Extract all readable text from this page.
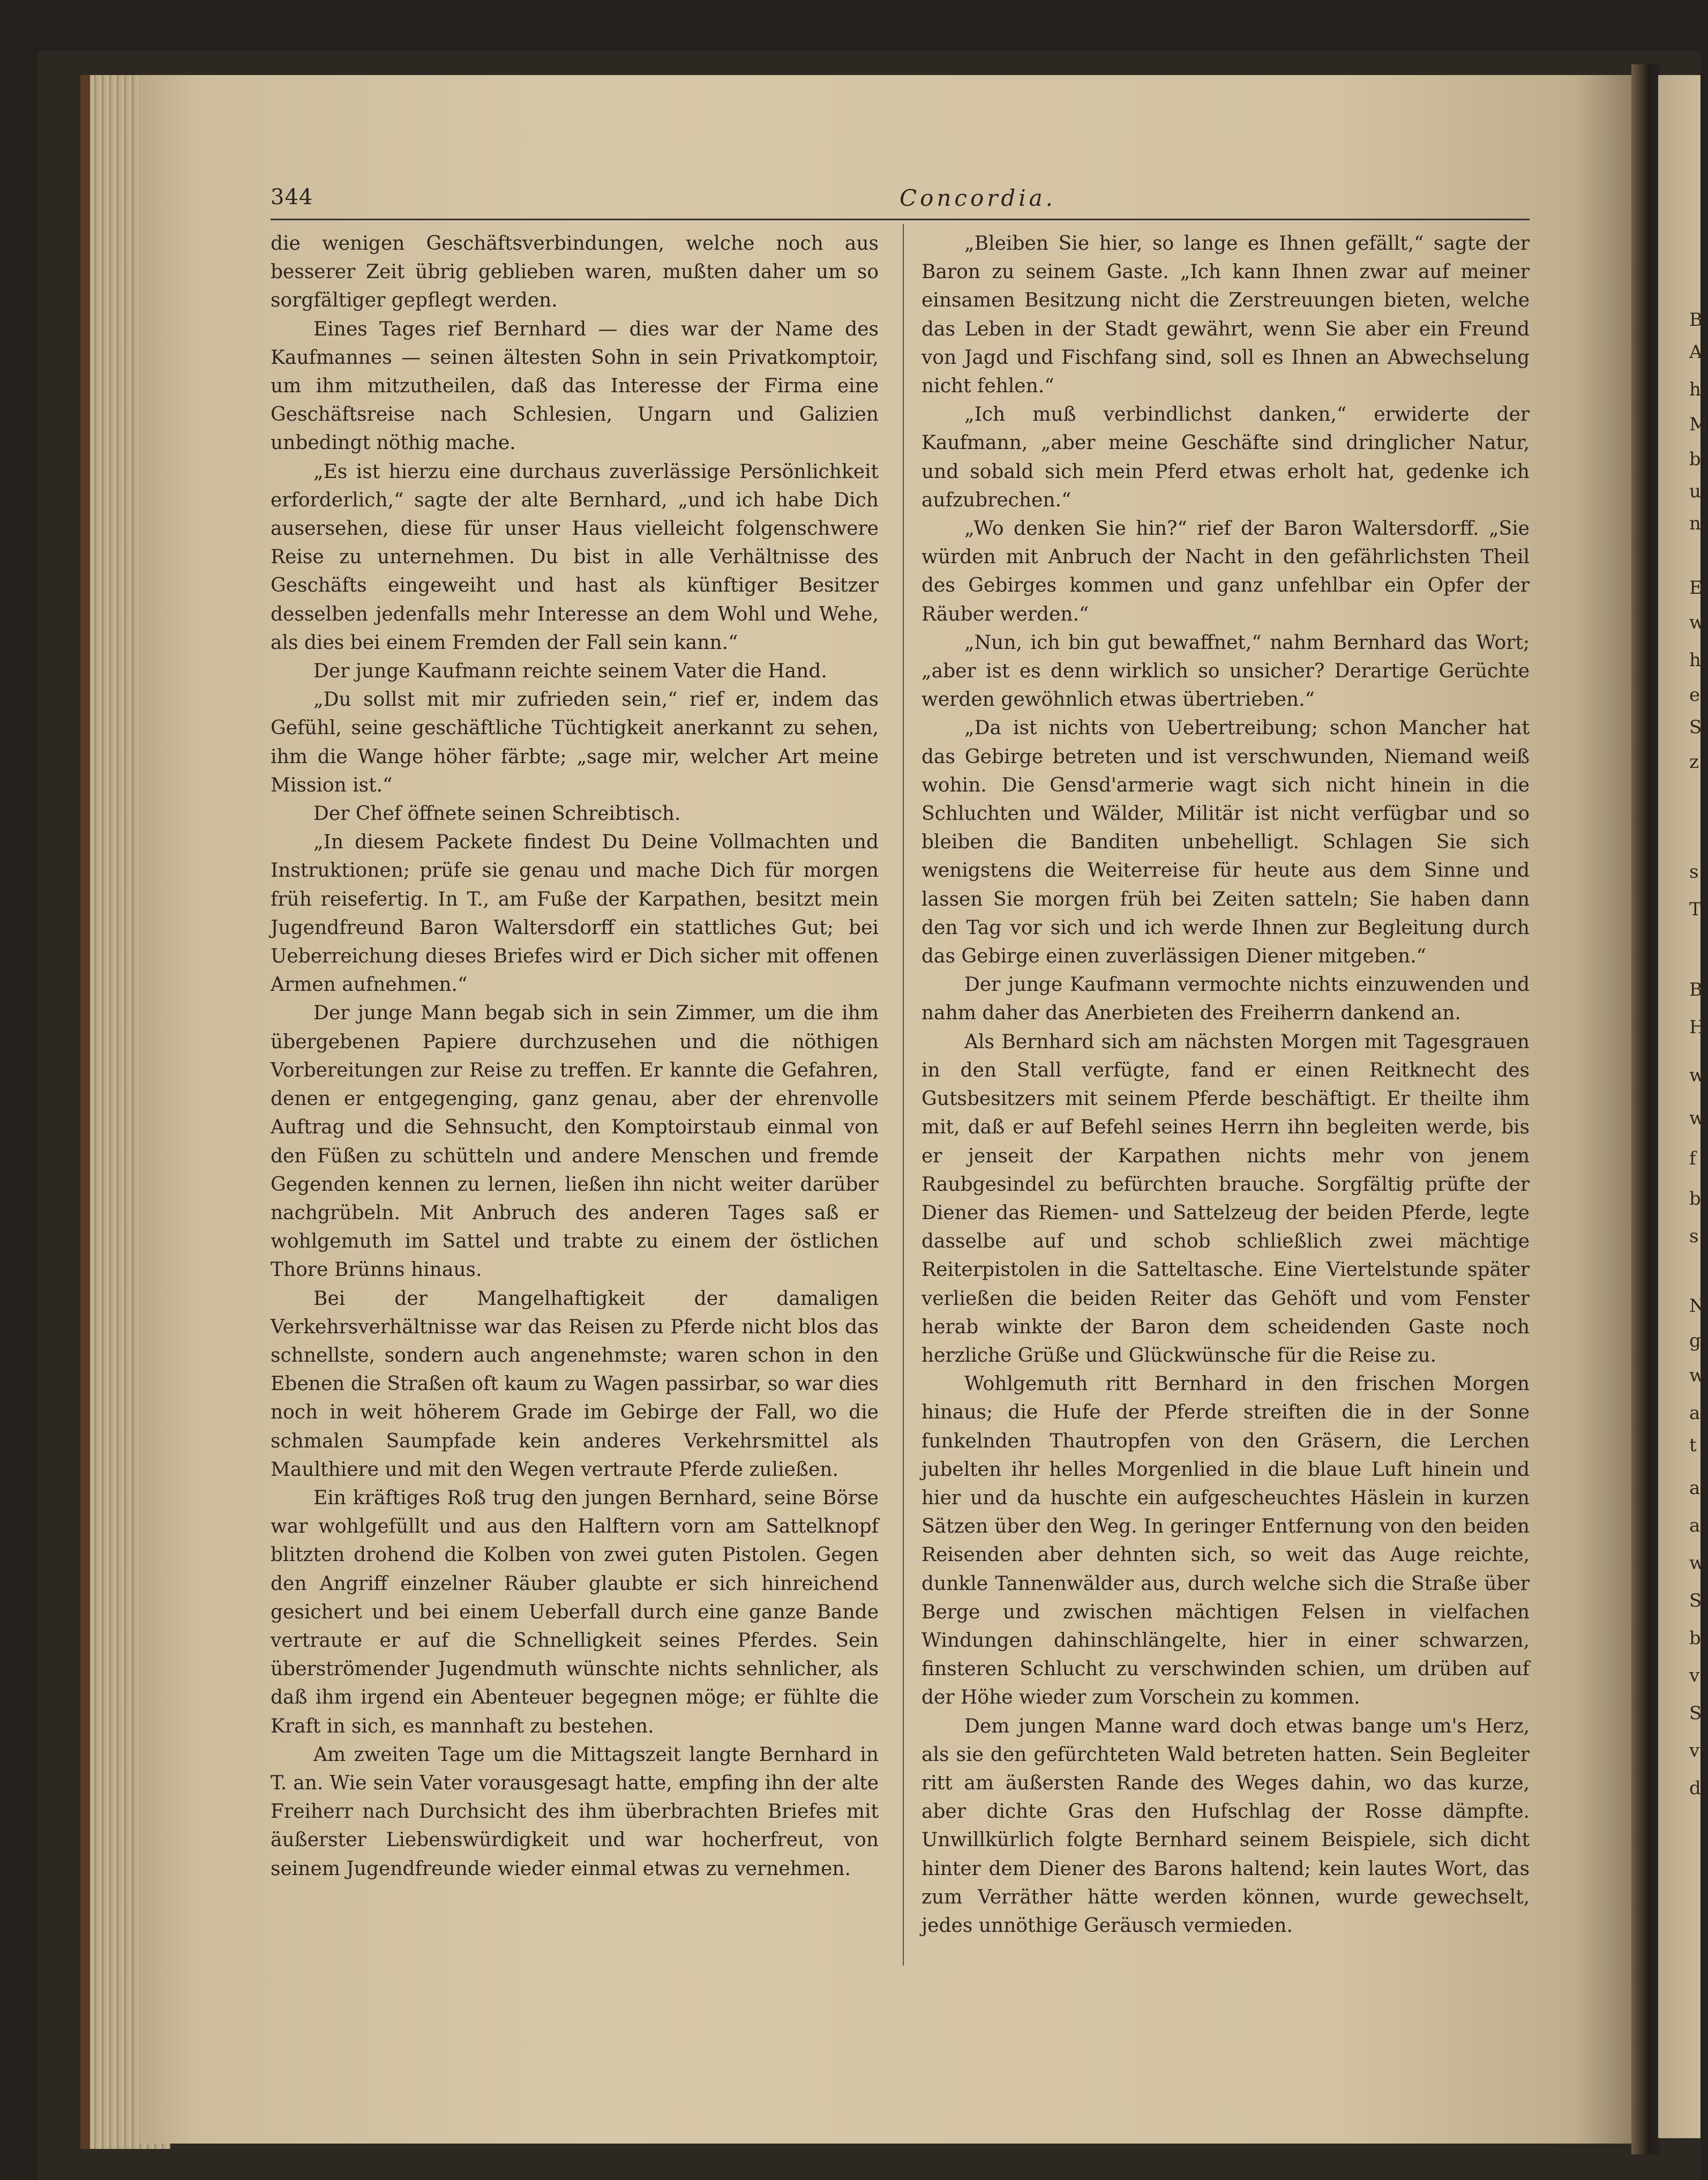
B
A
h
M
b
u
n
E
w
h
e
S
z
s
T
B
H
w
w
f
b
s
N
g
w
a
t
a
a
w
S
b
v
S
v
d
344	Concordia.

die wenigen Geschäftsverbindungen, welche noch aus besserer Zeit übrig geblieben waren, mußten daher um so sorgfältiger gepflegt werden.

Eines Tages rief Bernhard — dies war der Name des Kaufmannes — seinen ältesten Sohn in sein Privatkomptoir, um ihm mitzutheilen, daß das Interesse der Firma eine Geschäftsreise nach Schlesien, Ungarn und Galizien unbedingt nöthig mache.

„Es ist hierzu eine durchaus zuverlässige Persönlichkeit erforderlich,“ sagte der alte Bernhard, „und ich habe Dich ausersehen, diese für unser Haus vielleicht folgenschwere Reise zu unternehmen. Du bist in alle Verhältnisse des Geschäfts eingeweiht und hast als künftiger Besitzer desselben jedenfalls mehr Interesse an dem Wohl und Wehe, als dies bei einem Fremden der Fall sein kann.“

Der junge Kaufmann reichte seinem Vater die Hand.

„Du sollst mit mir zufrieden sein,“ rief er, indem das Gefühl, seine geschäftliche Tüchtigkeit anerkannt zu sehen, ihm die Wange höher färbte; „sage mir, welcher Art meine Mission ist.“

Der Chef öffnete seinen Schreibtisch.

„In diesem Packete findest Du Deine Vollmachten und Instruktionen; prüfe sie genau und mache Dich für morgen früh reisefertig. In T., am Fuße der Karpathen, besitzt mein Jugendfreund Baron Waltersdorff ein stattliches Gut; bei Ueberreichung dieses Briefes wird er Dich sicher mit offenen Armen aufnehmen.“

Der junge Mann begab sich in sein Zimmer, um die ihm übergebenen Papiere durchzusehen und die nöthigen Vorbereitungen zur Reise zu treffen. Er kannte die Gefahren, denen er entgegenging, ganz genau, aber der ehrenvolle Auftrag und die Sehnsucht, den Komptoirstaub einmal von den Füßen zu schütteln und andere Menschen und fremde Gegenden kennen zu lernen, ließen ihn nicht weiter darüber nachgrübeln. Mit Anbruch des anderen Tages saß er wohlgemuth im Sattel und trabte zu einem der östlichen Thore Brünns hinaus.

Bei der Mangelhaftigkeit der damaligen Verkehrsverhältnisse war das Reisen zu Pferde nicht blos das schnellste, sondern auch angenehmste; waren schon in den Ebenen die Straßen oft kaum zu Wagen passirbar, so war dies noch in weit höherem Grade im Gebirge der Fall, wo die schmalen Saumpfade kein anderes Verkehrsmittel als Maulthiere und mit den Wegen vertraute Pferde zuließen.

Ein kräftiges Roß trug den jungen Bernhard, seine Börse war wohlgefüllt und aus den Halftern vorn am Sattelknopf blitzten drohend die Kolben von zwei guten Pistolen. Gegen den Angriff einzelner Räuber glaubte er sich hinreichend gesichert und bei einem Ueberfall durch eine ganze Bande vertraute er auf die Schnelligkeit seines Pferdes. Sein überströmender Jugendmuth wünschte nichts sehnlicher, als daß ihm irgend ein Abenteuer begegnen möge; er fühlte die Kraft in sich, es mannhaft zu bestehen.

Am zweiten Tage um die Mittagszeit langte Bernhard in T. an. Wie sein Vater vorausgesagt hatte, empfing ihn der alte Freiherr nach Durchsicht des ihm überbrachten Briefes mit äußerster Liebenswürdigkeit und war hocherfreut, von seinem Jugendfreunde wieder einmal etwas zu vernehmen.

„Bleiben Sie hier, so lange es Ihnen gefällt,“ sagte der Baron zu seinem Gaste. „Ich kann Ihnen zwar auf meiner einsamen Besitzung nicht die Zerstreuungen bieten, welche das Leben in der Stadt gewährt, wenn Sie aber ein Freund von Jagd und Fischfang sind, soll es Ihnen an Abwechselung nicht fehlen.“

„Ich muß verbindlichst danken,“ erwiderte der Kaufmann, „aber meine Geschäfte sind dringlicher Natur, und sobald sich mein Pferd etwas erholt hat, gedenke ich aufzubrechen.“

„Wo denken Sie hin?“ rief der Baron Waltersdorff. „Sie würden mit Anbruch der Nacht in den gefährlichsten Theil des Gebirges kommen und ganz unfehlbar ein Opfer der Räuber werden.“

„Nun, ich bin gut bewaffnet,“ nahm Bernhard das Wort; „aber ist es denn wirklich so unsicher? Derartige Gerüchte werden gewöhnlich etwas übertrieben.“

„Da ist nichts von Uebertreibung; schon Mancher hat das Gebirge betreten und ist verschwunden, Niemand weiß wohin. Die Gensd'armerie wagt sich nicht hinein in die Schluchten und Wälder, Militär ist nicht verfügbar und so bleiben die Banditen unbehelligt. Schlagen Sie sich wenigstens die Weiterreise für heute aus dem Sinne und lassen Sie morgen früh bei Zeiten satteln; Sie haben dann den Tag vor sich und ich werde Ihnen zur Begleitung durch das Gebirge einen zuverlässigen Diener mitgeben.“

Der junge Kaufmann vermochte nichts einzuwenden und nahm daher das Anerbieten des Freiherrn dankend an.

Als Bernhard sich am nächsten Morgen mit Tagesgrauen in den Stall verfügte, fand er einen Reitknecht des Gutsbesitzers mit seinem Pferde beschäftigt. Er theilte ihm mit, daß er auf Befehl seines Herrn ihn begleiten werde, bis er jenseit der Karpathen nichts mehr von jenem Raubgesindel zu befürchten brauche. Sorgfältig prüfte der Diener das Riemen- und Sattelzeug der beiden Pferde, legte dasselbe auf und schob schließlich zwei mächtige Reiterpistolen in die Satteltasche. Eine Viertelstunde später verließen die beiden Reiter das Gehöft und vom Fenster herab winkte der Baron dem scheidenden Gaste noch herzliche Grüße und Glückwünsche für die Reise zu.

Wohlgemuth ritt Bernhard in den frischen Morgen hinaus; die Hufe der Pferde streiften die in der Sonne funkelnden Thautropfen von den Gräsern, die Lerchen jubelten ihr helles Morgenlied in die blaue Luft hinein und hier und da huschte ein aufgescheuchtes Häslein in kurzen Sätzen über den Weg. In geringer Entfernung von den beiden Reisenden aber dehnten sich, so weit das Auge reichte, dunkle Tannenwälder aus, durch welche sich die Straße über Berge und zwischen mächtigen Felsen in vielfachen Windungen dahinschlängelte, hier in einer schwarzen, finsteren Schlucht zu verschwinden schien, um drüben auf der Höhe wieder zum Vorschein zu kommen.

Dem jungen Manne ward doch etwas bange um's Herz, als sie den gefürchteten Wald betreten hatten. Sein Begleiter ritt am äußersten Rande des Weges dahin, wo das kurze, aber dichte Gras den Hufschlag der Rosse dämpfte. Unwillkürlich folgte Bernhard seinem Beispiele, sich dicht hinter dem Diener des Barons haltend; kein lautes Wort, das zum Verräther hätte werden können, wurde gewechselt, jedes unnöthige Geräusch vermieden.
